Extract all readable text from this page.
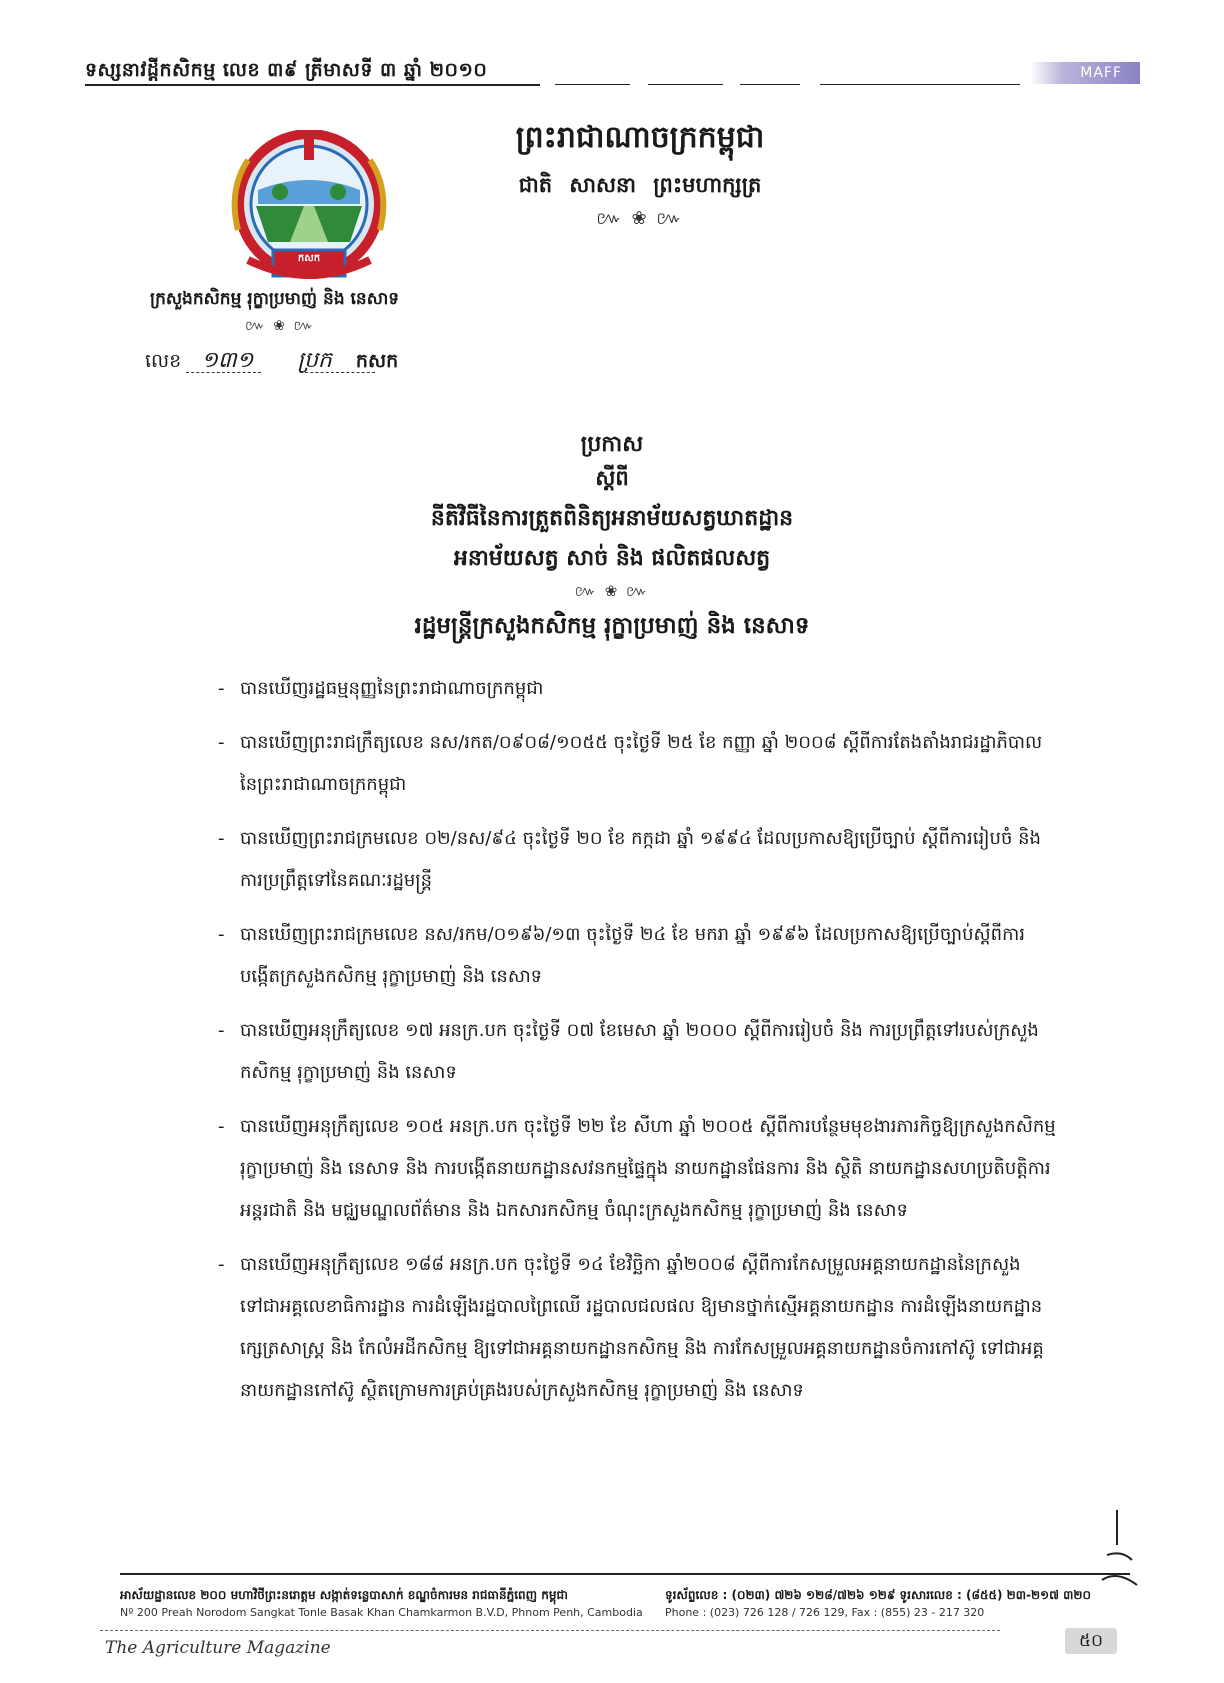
ទស្សនាវដ្តីកសិកម្ម លេខ ៣៩ ត្រីមាសទី ៣ ឆ្នាំ ២០១០	MAFF
កសក
ព្រះរាជាណាចក្រកម្ពុជា
ជាតិ សាសនា ព្រះមហាក្សត្រ
៚ ❀ ៚
ក្រសួងកសិកម្ម រុក្ខាប្រមាញ់ និង នេសាទ
៚ ❀ ៚
លេខ ១៣១ ប្រក កសក
ប្រកាស
ស្ដីពី
នីតិវិធីនៃការត្រួតពិនិត្យអនាម័យសត្វឃាតដ្ឋាន
អនាម័យសត្វ សាច់ និង ផលិតផលសត្វ
៚ ❀ ៚
រដ្ឋមន្ត្រីក្រសួងកសិកម្ម រុក្ខាប្រមាញ់ និង នេសាទ
- បានឃើញរដ្ឋធម្មនុញ្ញនៃព្រះរាជាណាចក្រកម្ពុជា
- បានឃើញព្រះរាជក្រឹត្យលេខ នស/រកត/០៩០៨/១០៥៥ ចុះថ្ងៃទី ២៥ ខែ កញ្ញា ឆ្នាំ ២០០៨ ស្តីពីការតែងតាំងរាជរដ្ឋាភិបាលនៃព្រះរាជាណាចក្រកម្ពុជា
- បានឃើញព្រះរាជក្រមលេខ ០២/នស/៩៤ ចុះថ្ងៃទី ២០ ខែ កក្កដា ឆ្នាំ ១៩៩៤ ដែលប្រកាសឱ្យប្រើច្បាប់ ស្តីពីការរៀបចំ និង ការប្រព្រឹត្តទៅនៃគណៈរដ្ឋមន្ត្រី
- បានឃើញព្រះរាជក្រមលេខ នស/រកម/០១៩៦/១៣ ចុះថ្ងៃទី ២៤ ខែ មករា ឆ្នាំ ១៩៩៦ ដែលប្រកាសឱ្យប្រើច្បាប់ស្តីពីការបង្កើតក្រសួងកសិកម្ម រុក្ខាប្រមាញ់ និង នេសាទ
- បានឃើញអនុក្រឹត្យលេខ ១៧ អនក្រ.បក ចុះថ្ងៃទី ០៧ ខែមេសា ឆ្នាំ ២០០០ ស្តីពីការរៀបចំ និង ការប្រព្រឹត្តទៅរបស់ក្រសួងកសិកម្ម រុក្ខាប្រមាញ់ និង នេសាទ
- បានឃើញអនុក្រឹត្យលេខ ១០៥ អនក្រ.បក ចុះថ្ងៃទី ២២ ខែ សីហា ឆ្នាំ ២០០៥ ស្តីពីការបន្ថែមមុខងារភារកិច្ចឱ្យក្រសួងកសិកម្ម រុក្ខាប្រមាញ់ និង នេសាទ និង ការបង្កើតនាយកដ្ឋានសវនកម្មផ្ទៃក្នុង នាយកដ្ឋានផែនការ និង ស្ថិតិ នាយកដ្ឋានសហប្រតិបត្តិការអន្តរជាតិ និង មជ្ឈមណ្ឌលព័ត៌មាន និង ឯកសារកសិកម្ម ចំណុះក្រសួងកសិកម្ម រុក្ខាប្រមាញ់ និង នេសាទ
- បានឃើញអនុក្រឹត្យលេខ ១៨៨ អនក្រ.បក ចុះថ្ងៃទី ១៤ ខែវិច្ឆិកា ឆ្នាំ២០០៨ ស្តីពីការកែសម្រួលអគ្គនាយកដ្ឋាននៃក្រសួង ទៅជាអគ្គលេខាធិការដ្ឋាន ការដំឡើងរដ្ឋបាលព្រៃឈើ រដ្ឋបាលជលផល ឱ្យមានថ្នាក់ស្មើអគ្គនាយកដ្ឋាន ការដំឡើងនាយកដ្ឋានក្សេត្រសាស្ត្រ និង កែលំអដីកសិកម្ម ឱ្យទៅជាអគ្គនាយកដ្ឋានកសិកម្ម និង ការកែសម្រួលអគ្គនាយកដ្ឋានចំការកៅស៊ូ ទៅជាអគ្គនាយកដ្ឋានកៅស៊ូ ស្ថិតក្រោមការគ្រប់គ្រងរបស់ក្រសួងកសិកម្ម រុក្ខាប្រមាញ់ និង នេសាទ
អាស័យដ្ឋានលេខ ២០០ មហាវិថីព្រះនរោត្តម សង្កាត់ទន្លេបាសាក់ ខណ្ឌចំការមន រាជធានីភ្នំពេញ កម្ពុជា
Nº 200 Preah Norodom Sangkat Tonle Basak Khan Chamkarmon B.V.D, Phnom Penh, Cambodia
ទូរស័ព្ទលេខ : (០២៣) ៧២៦ ១២៨/៧២៦ ១២៩ ទូរសារលេខ : (៨៥៥) ២៣-២១៧ ៣២០
Phone : (023) 726 128 / 726 129, Fax : (855) 23 - 217 320
The Agriculture Magazine	៥០
